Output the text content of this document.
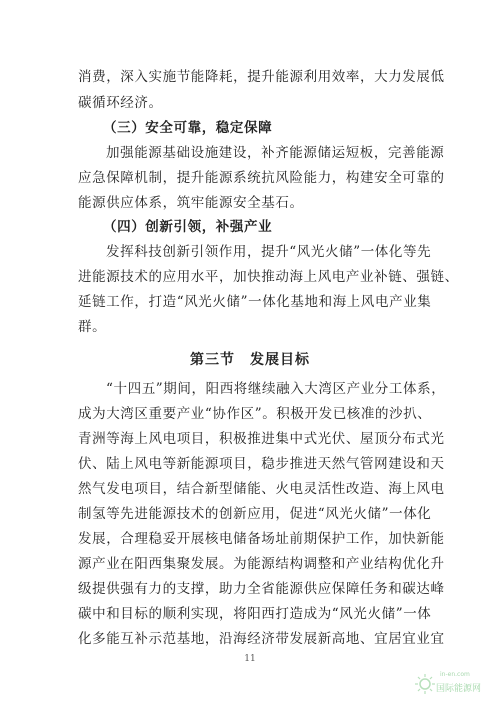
消费，深入实施节能降耗，提升能源利用效率，大力发展低
碳循环经济。
（三）安全可靠，稳定保障
加强能源基础设施建设，补齐能源储运短板，完善能源
应急保障机制，提升能源系统抗风险能力，构建安全可靠的
能源供应体系，筑牢能源安全基石。
（四）创新引领，补强产业
发挥科技创新引领作用，提升“风光火储”一体化等先
进能源技术的应用水平，加快推动海上风电产业补链、强链、
延链工作，打造“风光火储”一体化基地和海上风电产业集
群。
第三节　发展目标
“十四五”期间，阳西将继续融入大湾区产业分工体系，
成为大湾区重要产业“协作区”。积极开发已核准的沙扒、
青洲等海上风电项目，积极推进集中式光伏、屋顶分布式光
伏、陆上风电等新能源项目，稳步推进天然气管网建设和天
然气发电项目，结合新型储能、火电灵活性改造、海上风电
制氢等先进能源技术的创新应用，促进“风光火储”一体化
发展，合理稳妥开展核电储备场址前期保护工作，加快新能
源产业在阳西集聚发展。为能源结构调整和产业结构优化升
级提供强有力的支撑，助力全省能源供应保障任务和碳达峰
碳中和目标的顺利实现，将阳西打造成为“风光火储”一体
化多能互补示范基地，沿海经济带发展新高地、宜居宜业宜
11
in-en.com
国际能源网
